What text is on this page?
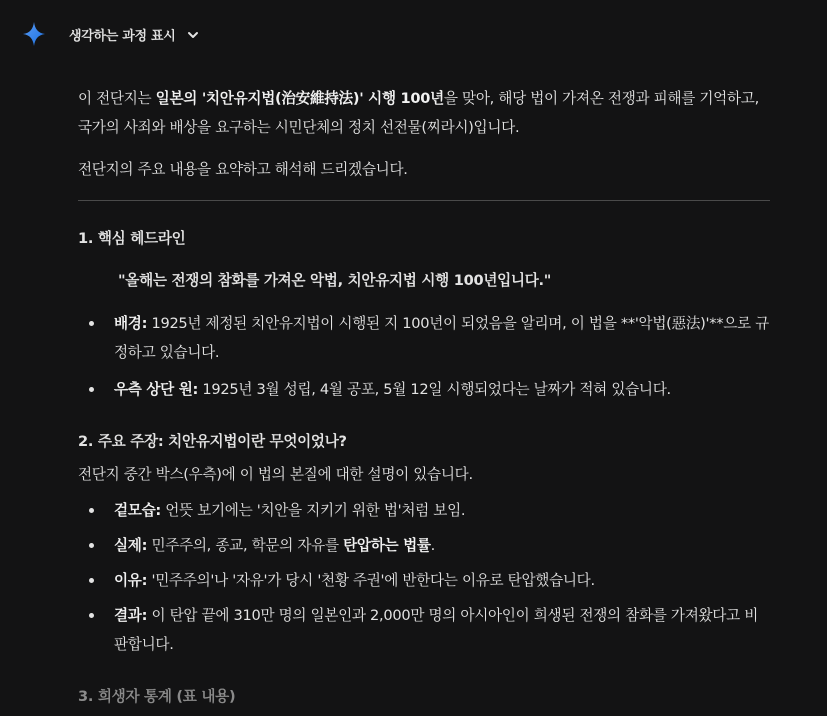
생각하는 과정 표시

이 전단지는 일본의 '치안유지법(治安維持法)' 시행 100년을 맞아, 해당 법이 가져온 전쟁과 피해를 기억하고, 국가의 사죄와 배상을 요구하는 시민단체의 정치 선전물(찌라시)입니다.

전단지의 주요 내용을 요약하고 해석해 드리겠습니다.

1. 핵심 헤드라인

"올해는 전쟁의 참화를 가져온 악법, 치안유지법 시행 100년입니다."

배경: 1925년 제정된 치안유지법이 시행된 지 100년이 되었음을 알리며, 이 법을 **'악법(惡法)'**으로 규정하고 있습니다.
우측 상단 원: 1925년 3월 성립, 4월 공포, 5월 12일 시행되었다는 날짜가 적혀 있습니다.

2. 주요 주장: 치안유지법이란 무엇이었나?

전단지 중간 박스(우측)에 이 법의 본질에 대한 설명이 있습니다.

겉모습: 언뜻 보기에는 '치안을 지키기 위한 법'처럼 보임.
실제: 민주주의, 종교, 학문의 자유를 탄압하는 법률.
이유: '민주주의'나 '자유'가 당시 '천황 주권'에 반한다는 이유로 탄압했습니다.
결과: 이 탄압 끝에 310만 명의 일본인과 2,000만 명의 아시아인이 희생된 전쟁의 참화를 가져왔다고 비판합니다.

3. 희생자 통계 (표 내용)
